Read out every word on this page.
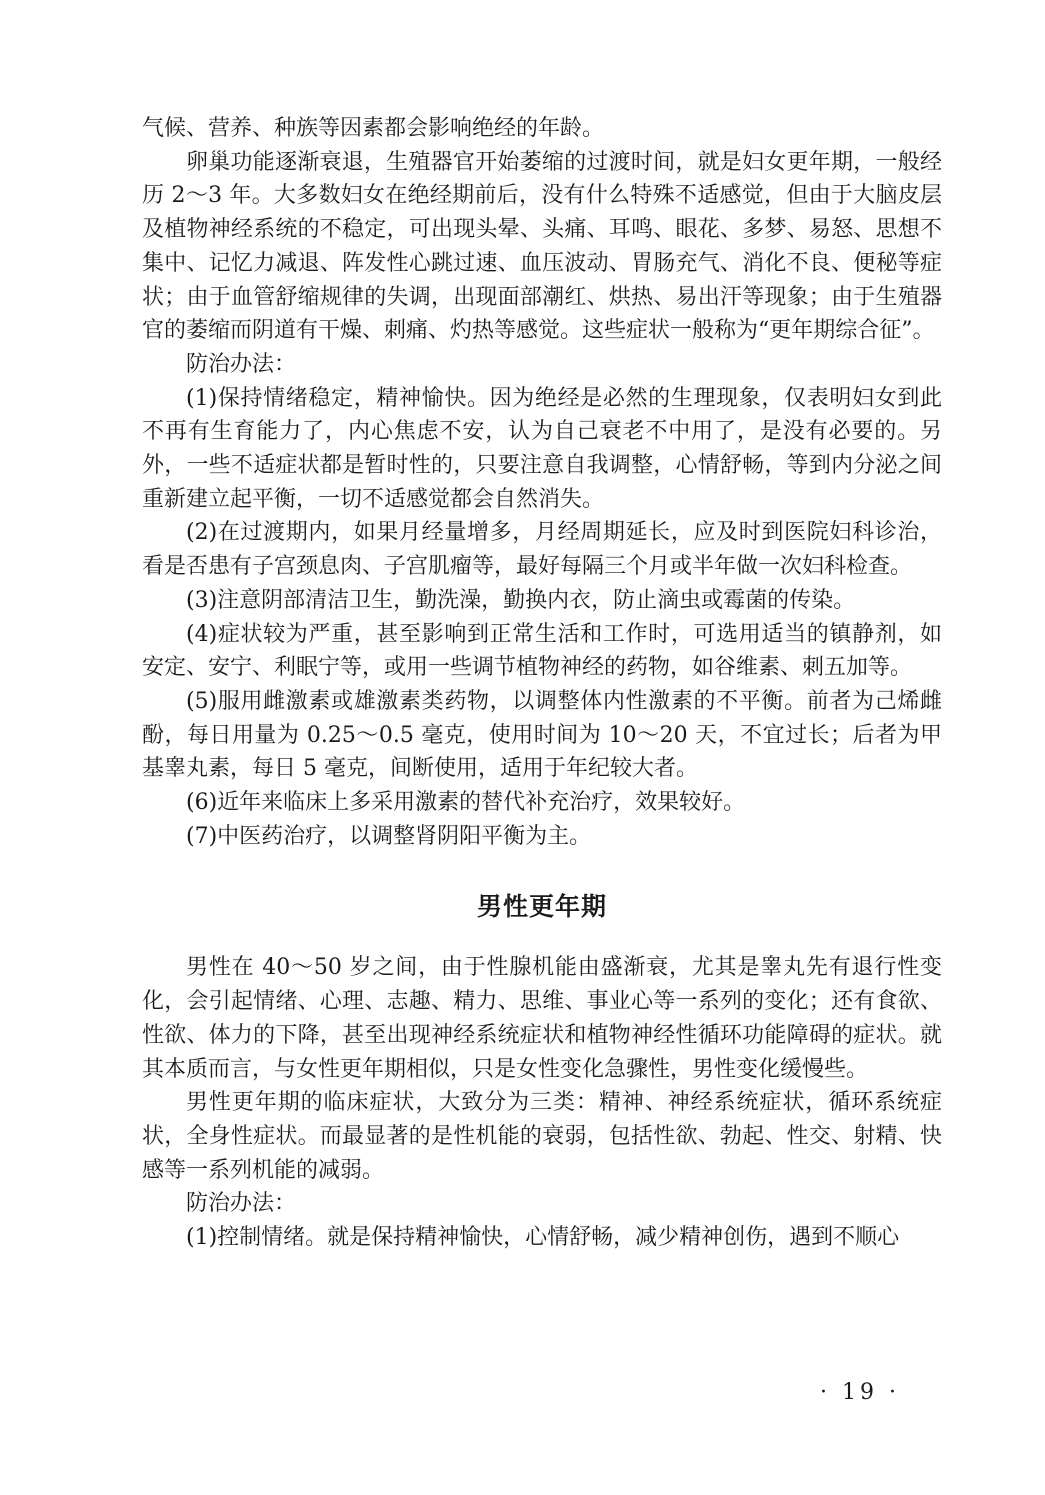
气候、营养、种族等因素都会影响绝经的年龄。

卵巢功能逐渐衰退，生殖器官开始萎缩的过渡时间，就是妇女更年期，一般经历 2～3 年。大多数妇女在绝经期前后，没有什么特殊不适感觉，但由于大脑皮层及植物神经系统的不稳定，可出现头晕、头痛、耳鸣、眼花、多梦、易怒、思想不集中、记忆力减退、阵发性心跳过速、血压波动、胃肠充气、消化不良、便秘等症状；由于血管舒缩规律的失调，出现面部潮红、烘热、易出汗等现象；由于生殖器官的萎缩而阴道有干燥、刺痛、灼热等感觉。这些症状一般称为“更年期综合征”。

防治办法：

(1)保持情绪稳定，精神愉快。因为绝经是必然的生理现象，仅表明妇女到此不再有生育能力了，内心焦虑不安，认为自己衰老不中用了，是没有必要的。另外，一些不适症状都是暂时性的，只要注意自我调整，心情舒畅，等到内分泌之间重新建立起平衡，一切不适感觉都会自然消失。

(2)在过渡期内，如果月经量增多，月经周期延长，应及时到医院妇科诊治，看是否患有子宫颈息肉、子宫肌瘤等，最好每隔三个月或半年做一次妇科检查。

(3)注意阴部清洁卫生，勤洗澡，勤换内衣，防止滴虫或霉菌的传染。

(4)症状较为严重，甚至影响到正常生活和工作时，可选用适当的镇静剂，如安定、安宁、利眠宁等，或用一些调节植物神经的药物，如谷维素、刺五加等。

(5)服用雌激素或雄激素类药物，以调整体内性激素的不平衡。前者为己烯雌酚，每日用量为 0.25～0.5 毫克，使用时间为 10～20 天，不宜过长；后者为甲基睾丸素，每日 5 毫克，间断使用，适用于年纪较大者。

(6)近年来临床上多采用激素的替代补充治疗，效果较好。

(7)中医药治疗，以调整肾阴阳平衡为主。

男性更年期

男性在 40～50 岁之间，由于性腺机能由盛渐衰，尤其是睾丸先有退行性变化，会引起情绪、心理、志趣、精力、思维、事业心等一系列的变化；还有食欲、性欲、体力的下降，甚至出现神经系统症状和植物神经性循环功能障碍的症状。就其本质而言，与女性更年期相似，只是女性变化急骤性，男性变化缓慢些。

男性更年期的临床症状，大致分为三类：精神、神经系统症状，循环系统症状，全身性症状。而最显著的是性机能的衰弱，包括性欲、勃起、性交、射精、快感等一系列机能的减弱。

防治办法：

(1)控制情绪。就是保持精神愉快，心情舒畅，减少精神创伤，遇到不顺心

· 19 ·
